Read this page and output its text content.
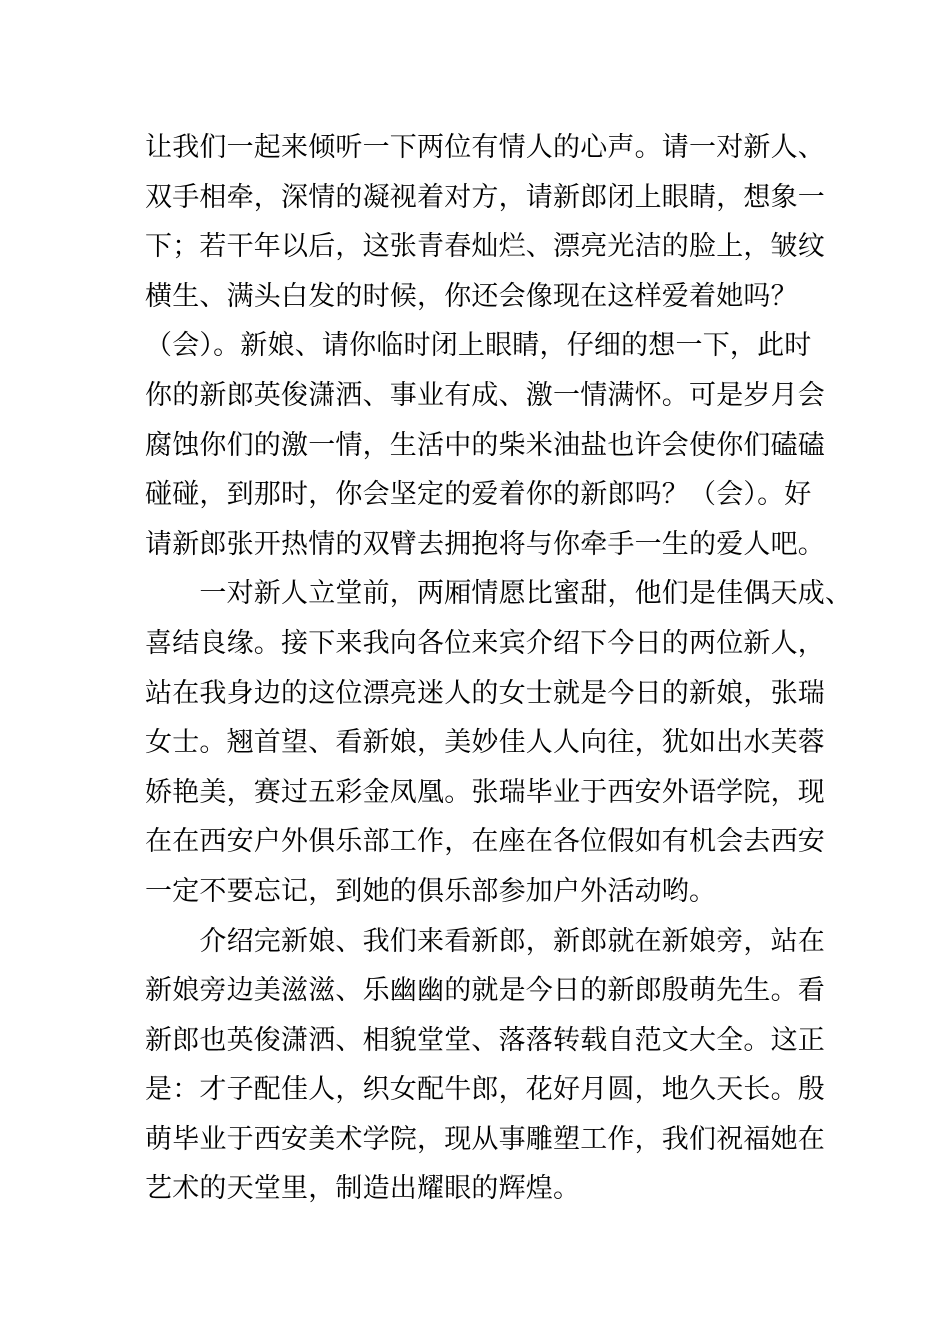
让我们一起来倾听一下两位有情人的心声。请一对新人、
双手相牵，深情的凝视着对方，请新郎闭上眼睛，想象一
下；若干年以后，这张青春灿烂、漂亮光洁的脸上，皱纹
横生、满头白发的时候，你还会像现在这样爱着她吗？
（会）。新娘、请你临时闭上眼睛，仔细的想一下，此时
你的新郎英俊潇洒、事业有成、激一情满怀。可是岁月会
腐蚀你们的激一情，生活中的柴米油盐也许会使你们磕磕
碰碰，到那时，你会坚定的爱着你的新郎吗？（会）。好
请新郎张开热情的双臂去拥抱将与你牵手一生的爱人吧。
　　一对新人立堂前，两厢情愿比蜜甜，他们是佳偶天成、
喜结良缘。接下来我向各位来宾介绍下今日的两位新人，
站在我身边的这位漂亮迷人的女士就是今日的新娘，张瑞
女士。翘首望、看新娘，美妙佳人人向往，犹如出水芙蓉
娇艳美，赛过五彩金凤凰。张瑞毕业于西安外语学院，现
在在西安户外俱乐部工作，在座在各位假如有机会去西安
一定不要忘记，到她的俱乐部参加户外活动哟。
　　介绍完新娘、我们来看新郎，新郎就在新娘旁，站在
新娘旁边美滋滋、乐幽幽的就是今日的新郎殷萌先生。看
新郎也英俊潇洒、相貌堂堂、落落转载自范文大全。这正
是：才子配佳人，织女配牛郎，花好月圆，地久天长。殷
萌毕业于西安美术学院，现从事雕塑工作，我们祝福她在
艺术的天堂里，制造出耀眼的辉煌。
